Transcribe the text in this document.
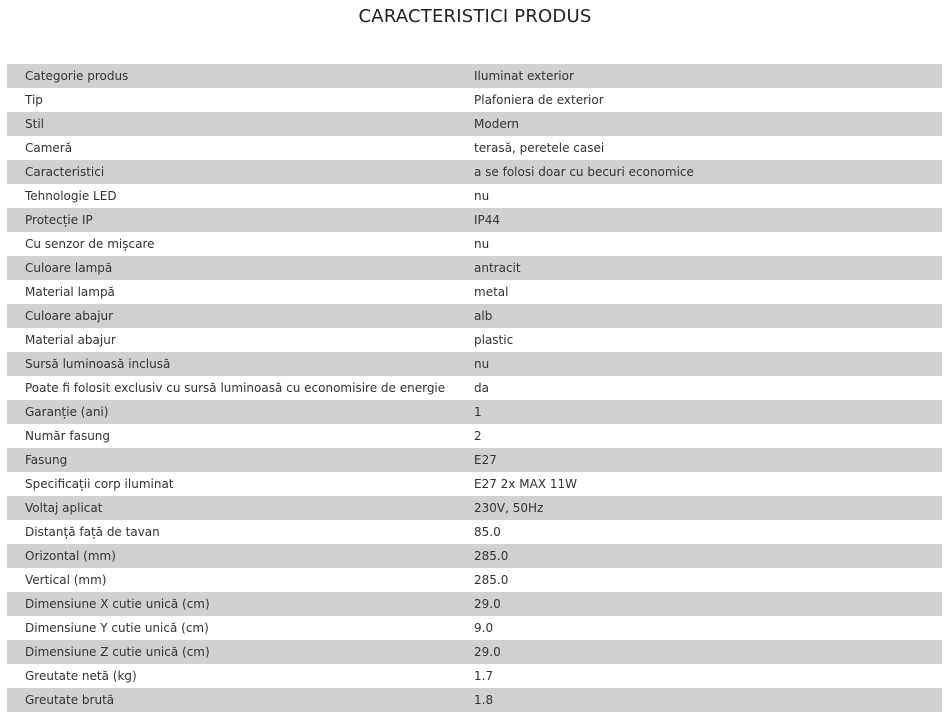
CARACTERISTICI PRODUS
Categorie produs	Iluminat exterior
Tip	Plafoniera de exterior
Stil	Modern
Cameră	terasă, peretele casei
Caracteristici	a se folosi doar cu becuri economice
Tehnologie LED	nu
Protecție IP	IP44
Cu senzor de mișcare	nu
Culoare lampă	antracit
Material lampă	metal
Culoare abajur	alb
Material abajur	plastic
Sursă luminoasă inclusă	nu
Poate fi folosit exclusiv cu sursă luminoasă cu economisire de energie	da
Garanție (ani)	1
Număr fasung	2
Fasung	E27
Specificații corp iluminat	E27 2x MAX 11W
Voltaj aplicat	230V, 50Hz
Distanță față de tavan	85.0
Orizontal (mm)	285.0
Vertical (mm)	285.0
Dimensiune X cutie unică (cm)	29.0
Dimensiune Y cutie unică (cm)	9.0
Dimensiune Z cutie unică (cm)	29.0
Greutate netă (kg)	1.7
Greutate brută	1.8
